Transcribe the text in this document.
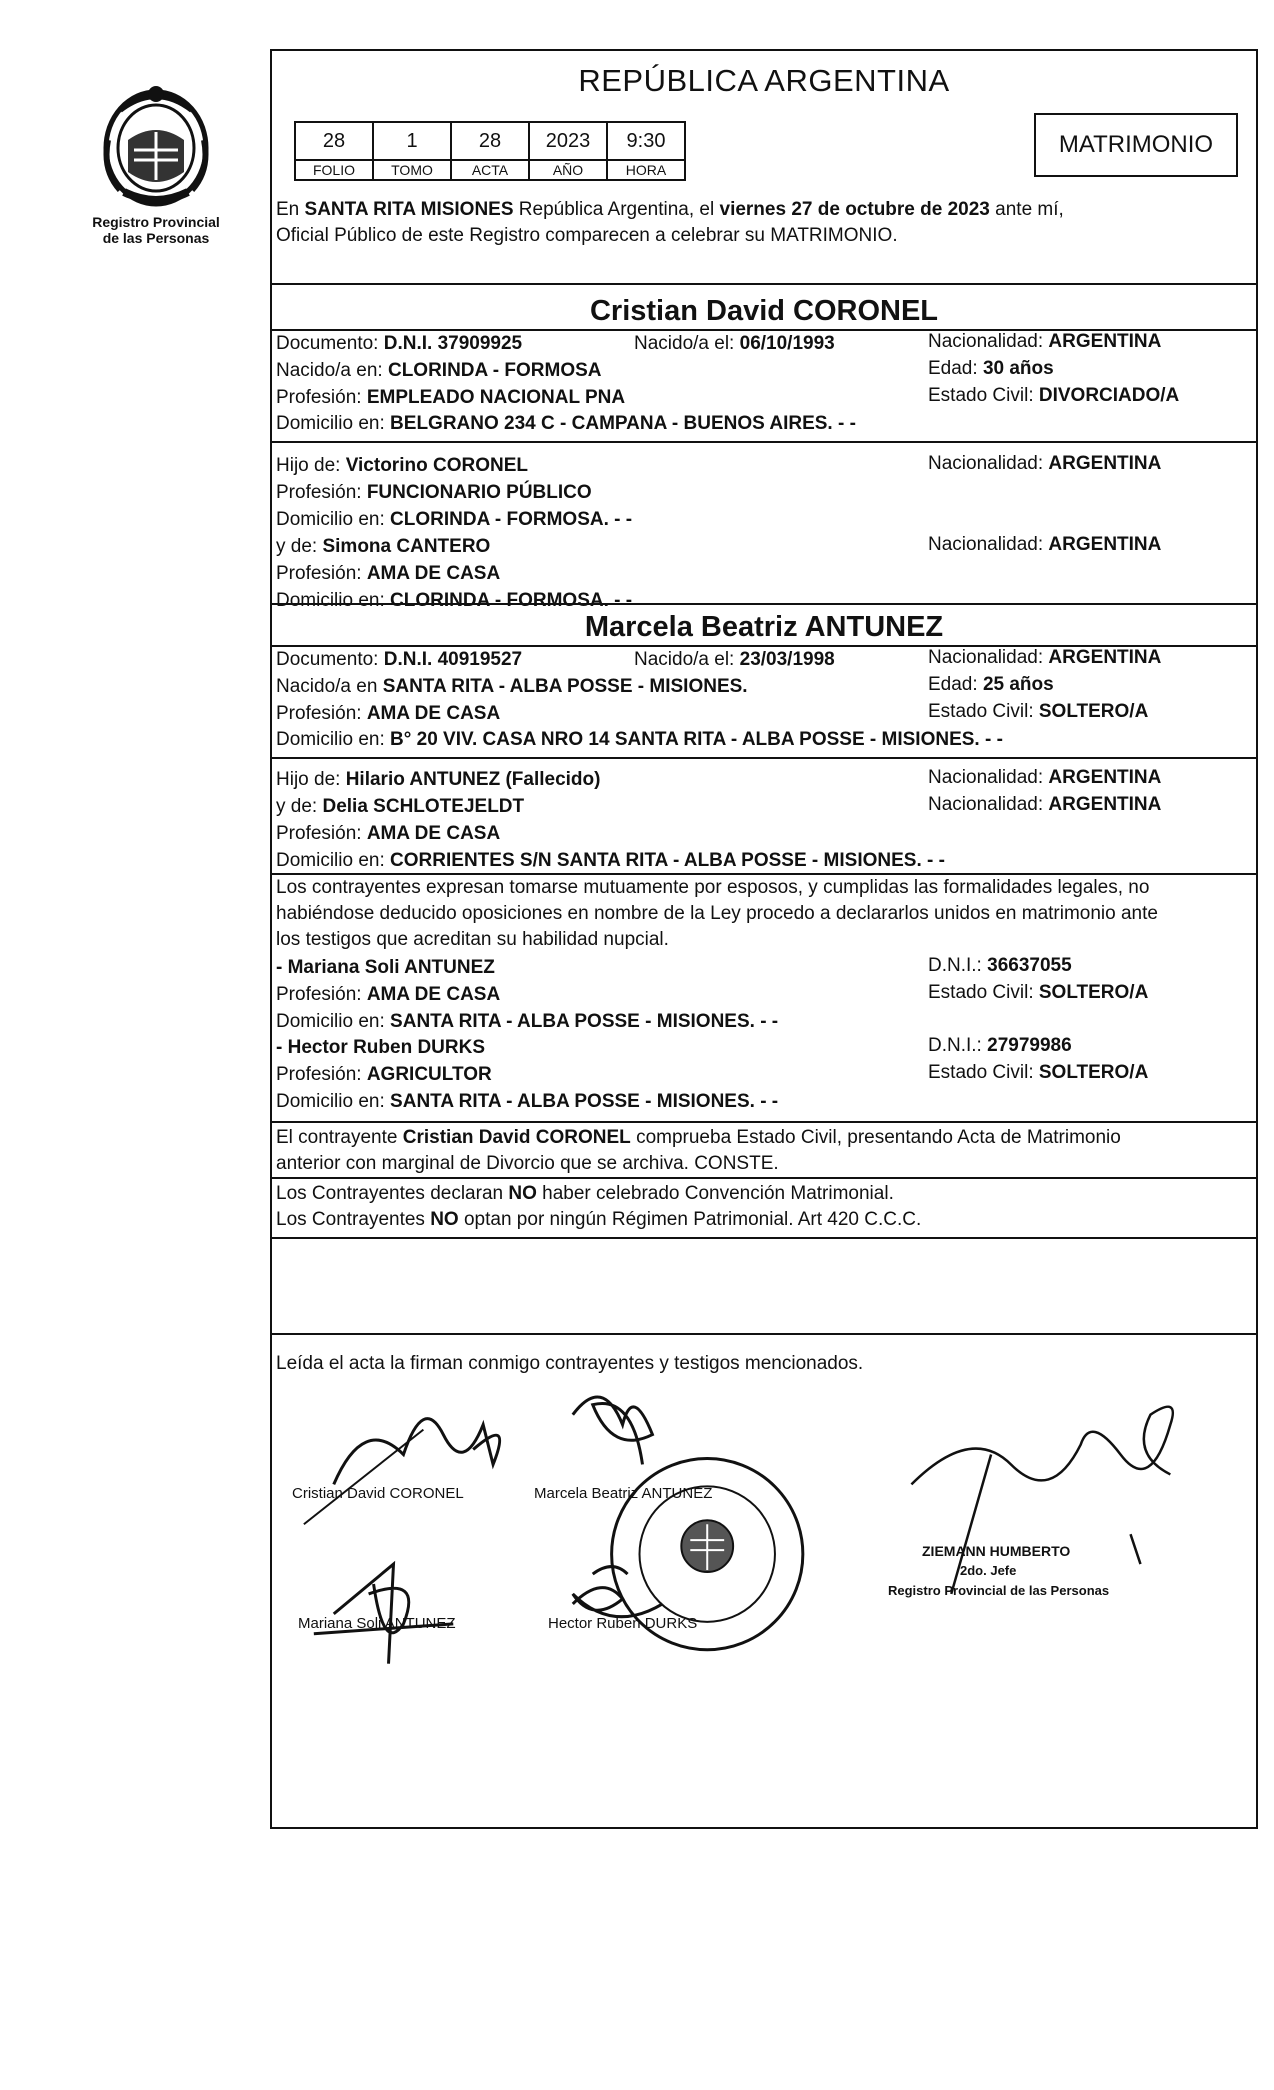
Registro Provincial
de las Personas
REPÚBLICA ARGENTINA
28	1	28	2023	9:30
FOLIO	TOMO	ACTA	AÑO	HORA
MATRIMONIO
En SANTA RITA MISIONES República Argentina, el viernes 27 de octubre de 2023 ante mí,
Oficial Público de este Registro comparecen a celebrar su MATRIMONIO.
Cristian David CORONEL
Documento: D.N.I. 37909925	Nacido/a el: 06/10/1993	Nacionalidad: ARGENTINA
Nacido/a en: CLORINDA - FORMOSA	Edad: 30 años
Profesión: EMPLEADO NACIONAL PNA	Estado Civil: DIVORCIADO/A
Domicilio en: BELGRANO 234 C - CAMPANA - BUENOS AIRES. - -
Hijo de: Victorino CORONEL	Nacionalidad: ARGENTINA
Profesión: FUNCIONARIO PÚBLICO
Domicilio en: CLORINDA - FORMOSA. - -
y de: Simona CANTERO	Nacionalidad: ARGENTINA
Profesión: AMA DE CASA
Domicilio en: CLORINDA - FORMOSA. - -
Marcela Beatriz ANTUNEZ
Documento: D.N.I. 40919527	Nacido/a el: 23/03/1998	Nacionalidad: ARGENTINA
Nacido/a en SANTA RITA - ALBA POSSE - MISIONES.	Edad: 25 años
Profesión: AMA DE CASA	Estado Civil: SOLTERO/A
Domicilio en: B° 20 VIV. CASA NRO 14 SANTA RITA - ALBA POSSE - MISIONES. - -
Hijo de: Hilario ANTUNEZ (Fallecido)	Nacionalidad: ARGENTINA
y de: Delia SCHLOTEJELDT	Nacionalidad: ARGENTINA
Profesión: AMA DE CASA
Domicilio en: CORRIENTES S/N SANTA RITA - ALBA POSSE - MISIONES. - -
Los contrayentes expresan tomarse mutuamente por esposos, y cumplidas las formalidades legales, no
habiéndose deducido oposiciones en nombre de la Ley procedo a declararlos unidos en matrimonio ante
los testigos que acreditan su habilidad nupcial.
- Mariana Soli ANTUNEZ	D.N.I.: 36637055
Profesión: AMA DE CASA	Estado Civil: SOLTERO/A
Domicilio en: SANTA RITA - ALBA POSSE - MISIONES. - -
- Hector Ruben DURKS	D.N.I.: 27979986
Profesión: AGRICULTOR	Estado Civil: SOLTERO/A
Domicilio en: SANTA RITA - ALBA POSSE - MISIONES. - -
El contrayente Cristian David CORONEL comprueba Estado Civil, presentando Acta de Matrimonio
anterior con marginal de Divorcio que se archiva. CONSTE.
Los Contrayentes declaran NO haber celebrado Convención Matrimonial.
Los Contrayentes NO optan por ningún Régimen Patrimonial. Art 420 C.C.C.
Leída el acta la firman conmigo contrayentes y testigos mencionados.
Cristian David CORONEL	Marcela Beatriz ANTUNEZ
Mariana Soli ANTUNEZ	Hector Ruben DURKS
ZIEMANN HUMBERTO
2do. Jefe
Registro Provincial de las Personas
